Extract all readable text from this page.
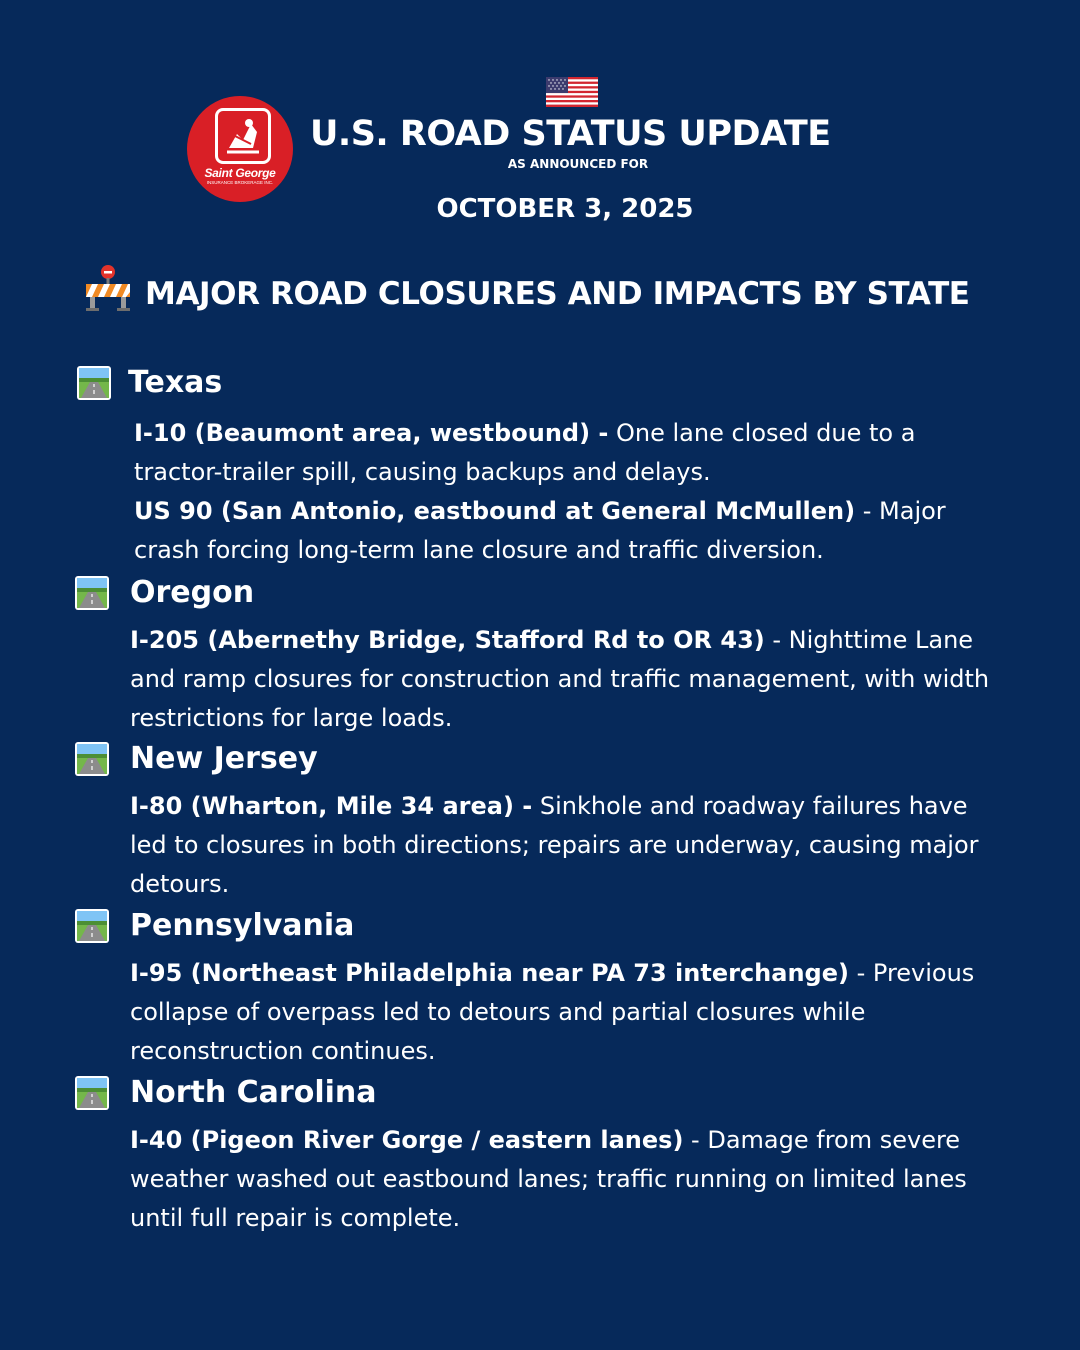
Saint George
INSURANCE BROKERAGE INC.
U.S. ROAD STATUS UPDATE
AS ANNOUNCED FOR
OCTOBER 3, 2025
MAJOR ROAD CLOSURES AND IMPACTS BY STATE
Texas

I-10 (Beaumont area, westbound) - One lane closed due to a tractor-trailer spill, causing backups and delays.

US 90 (San Antonio, eastbound at General McMullen) - Major crash forcing long-term lane closure and traffic diversion.

Oregon

I-205 (Abernethy Bridge, Stafford Rd to OR 43) - Nighttime Lane and ramp closures for construction and traffic management, with width restrictions for large loads.

New Jersey

I-80 (Wharton, Mile 34 area) - Sinkhole and roadway failures have led to closures in both directions; repairs are underway, causing major detours.

Pennsylvania

I-95 (Northeast Philadelphia near PA 73 interchange) - Previous collapse of overpass led to detours and partial closures while reconstruction continues.

North Carolina

I-40 (Pigeon River Gorge / eastern lanes) - Damage from severe weather washed out eastbound lanes; traffic running on limited lanes until full repair is complete.
